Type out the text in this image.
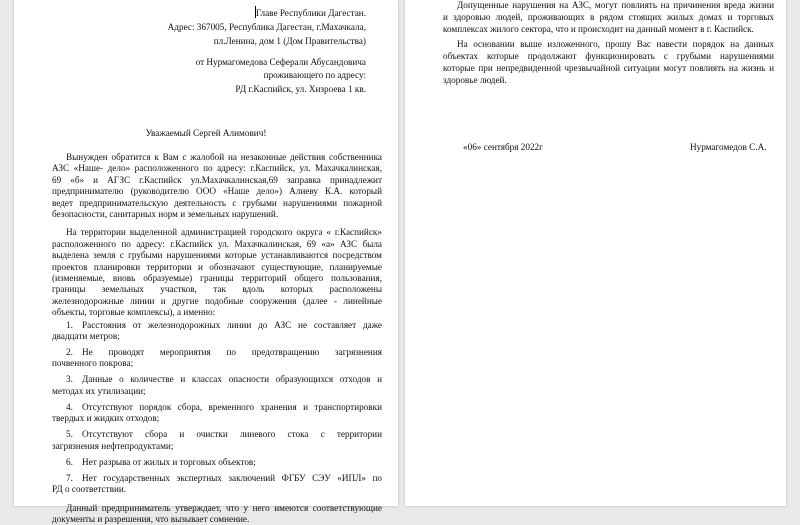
Главе Республики Дагестан.
Адрес: 367005, Республика Дагестан, г.Махачкала,
пл.Ленина, дом 1 (Дом Правительства)
от Нурмагомедова Сеферали Абусандовича
проживающего по адресу:
РД г.Каспийск, ул. Хизроева 1 кв.
Уважаемый Сергей Алимович!
Вынужден обратится к Вам с жалобой на незаконные действия собственника
АЗС «Наше- дело» расположенного по адресу: г.Каспийск, ул. Махачкалинская,
69 «б» и АГЗС г.Каспийск ул.Махачкалинская,69 заправка принадлежит
предпринимателю (руководителю ООО «Наше дело») Алиеву К.А. который
ведет предпринимательскую деятельность с грубыми нарушениями пожарной
безопасности, санитарных норм и земельных нарушений.
На территории выделенной администрацией городского округа « г.Каспийск»
расположенного по адресу: г.Каспийск ул. Махачкалинская, 69 «а» АЗС была
выделена земля с грубыми нарушениями которые устанавливаются посредством
проектов планировки территории и обозначают существующие, планируемые
(изменяемые, вновь образуемые) границы территорий общего пользования,
границы земельных участков, так вдоль которых расположены
железнодорожные линии и другие подобные сооружения (далее - линейные
объекты, торговые комплексы), а именно:
1. Расстояния от железнодорожных линии до АЗС не составляет даже
двадцати метров;
2. Не проводят мероприятия по предотвращению загрязнения
почвенного покрова;
3. Данные о количестве и классах опасности образующихся отходов и
методах их утилизации;
4. Отсутствуют порядок сбора, временного хранения и транспортировки
твердых и жидких отходов;
5. Отсутствуют сбора и очистки линевого стока с территории
загрязнения нефтепродуктами;
6. Нет разрыва от жилых и торговых объектов;
7. Нет государственных экспертных заключений ФГБУ СЭУ «ИПЛ» по
РД о соответствии.
Данный предприниматель утверждает, что у него имеются соответствующие
документы и разрешения, что вызывает сомнение.
Допущенные нарушения на АЗС, могут повлиять на причинения вреда жизни
и здоровью людей, проживающих в рядом стоящих жилых домах и торговых
комплексах жилого сектора, что и происходит на данный момент в г. Каспийск.
На основании выше изложенного, прошу Вас навести порядок на данных
объектах которые продолжают функционировать с грубыми нарушениями
которые при непредвиденной чрезвычайной ситуации могут повлиять на жизнь и
здоровье людей.
«06» сентября 2022г	Нурмагомедов С.А.
